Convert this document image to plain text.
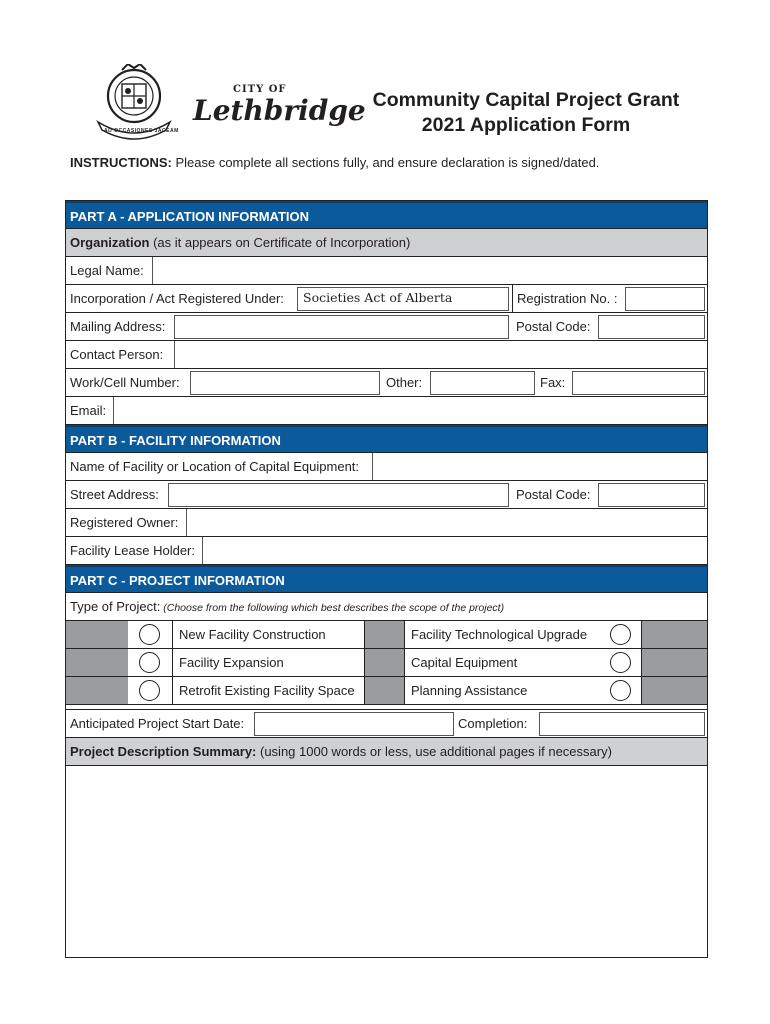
CITY OF
Lethbridge
AD OCCASIONES JACEAM
Community Capital Project Grant
2021 Application Form
INSTRUCTIONS: Please complete all sections fully, and ensure declaration is signed/dated.
PART A - APPLICATION INFORMATION
Organization (as it appears on Certificate of Incorporation)
Legal Name:
Incorporation / Act Registered Under:	Societies Act of Alberta	Registration No. :
Mailing Address:	Postal Code:
Contact Person:
Work/Cell Number:	Other:	Fax:
Email:
PART B - FACILITY INFORMATION
Name of Facility or Location of Capital Equipment:
Street Address:	Postal Code:
Registered Owner:
Facility Lease Holder:
PART C - PROJECT INFORMATION
Type of Project: (Choose from the following which best describes the scope of the project)
New Facility Construction	Facility Technological Upgrade
Facility Expansion	Capital Equipment
Retrofit Existing Facility Space	Planning Assistance
Anticipated Project Start Date:	Completion:
Project Description Summary: (using 1000 words or less, use additional pages if necessary)
